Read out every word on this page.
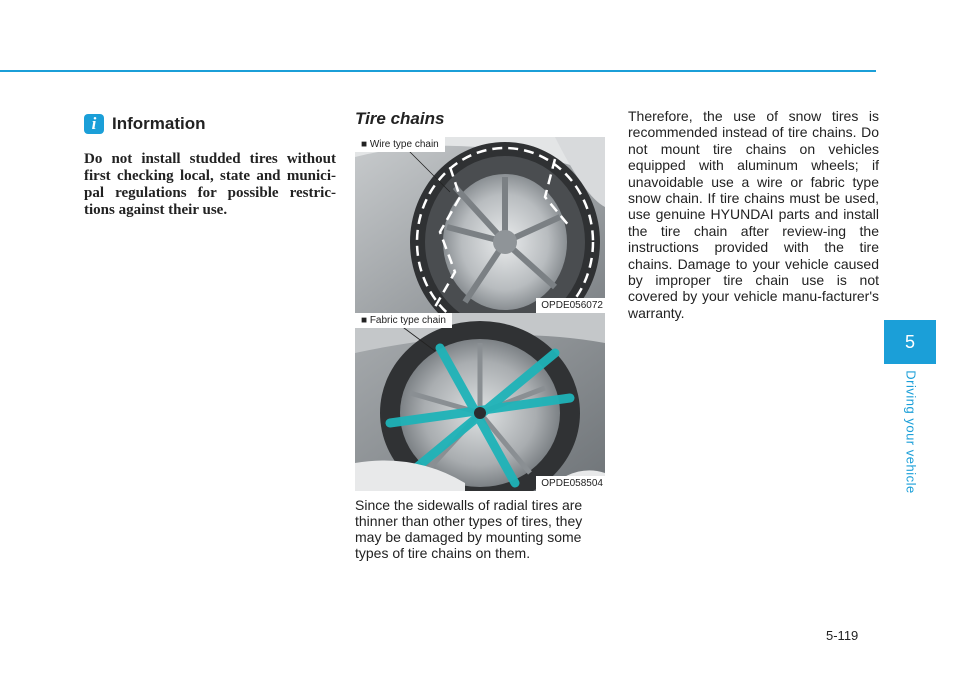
i Information

Do not install studded tires without first checking local, state and munici-pal regulations for possible restric-tions against their use.

Tire chains
■ Wire type chain
OPDE056072
■ Fabric type chain
OPDE058504

Since the sidewalls of radial tires are thinner than other types of tires, they may be damaged by mounting some types of tire chains on them.

Therefore, the use of snow tires is recommended instead of tire chains. Do not mount tire chains on vehicles equipped with aluminum wheels; if unavoidable use a wire or fabric type snow chain. If tire chains must be used, use genuine HYUNDAI parts and install the tire chain after review-ing the instructions provided with the tire chains. Damage to your vehicle caused by improper tire chain use is not covered by your vehicle manu-facturer's warranty.

5
Driving your vehicle
5-119
